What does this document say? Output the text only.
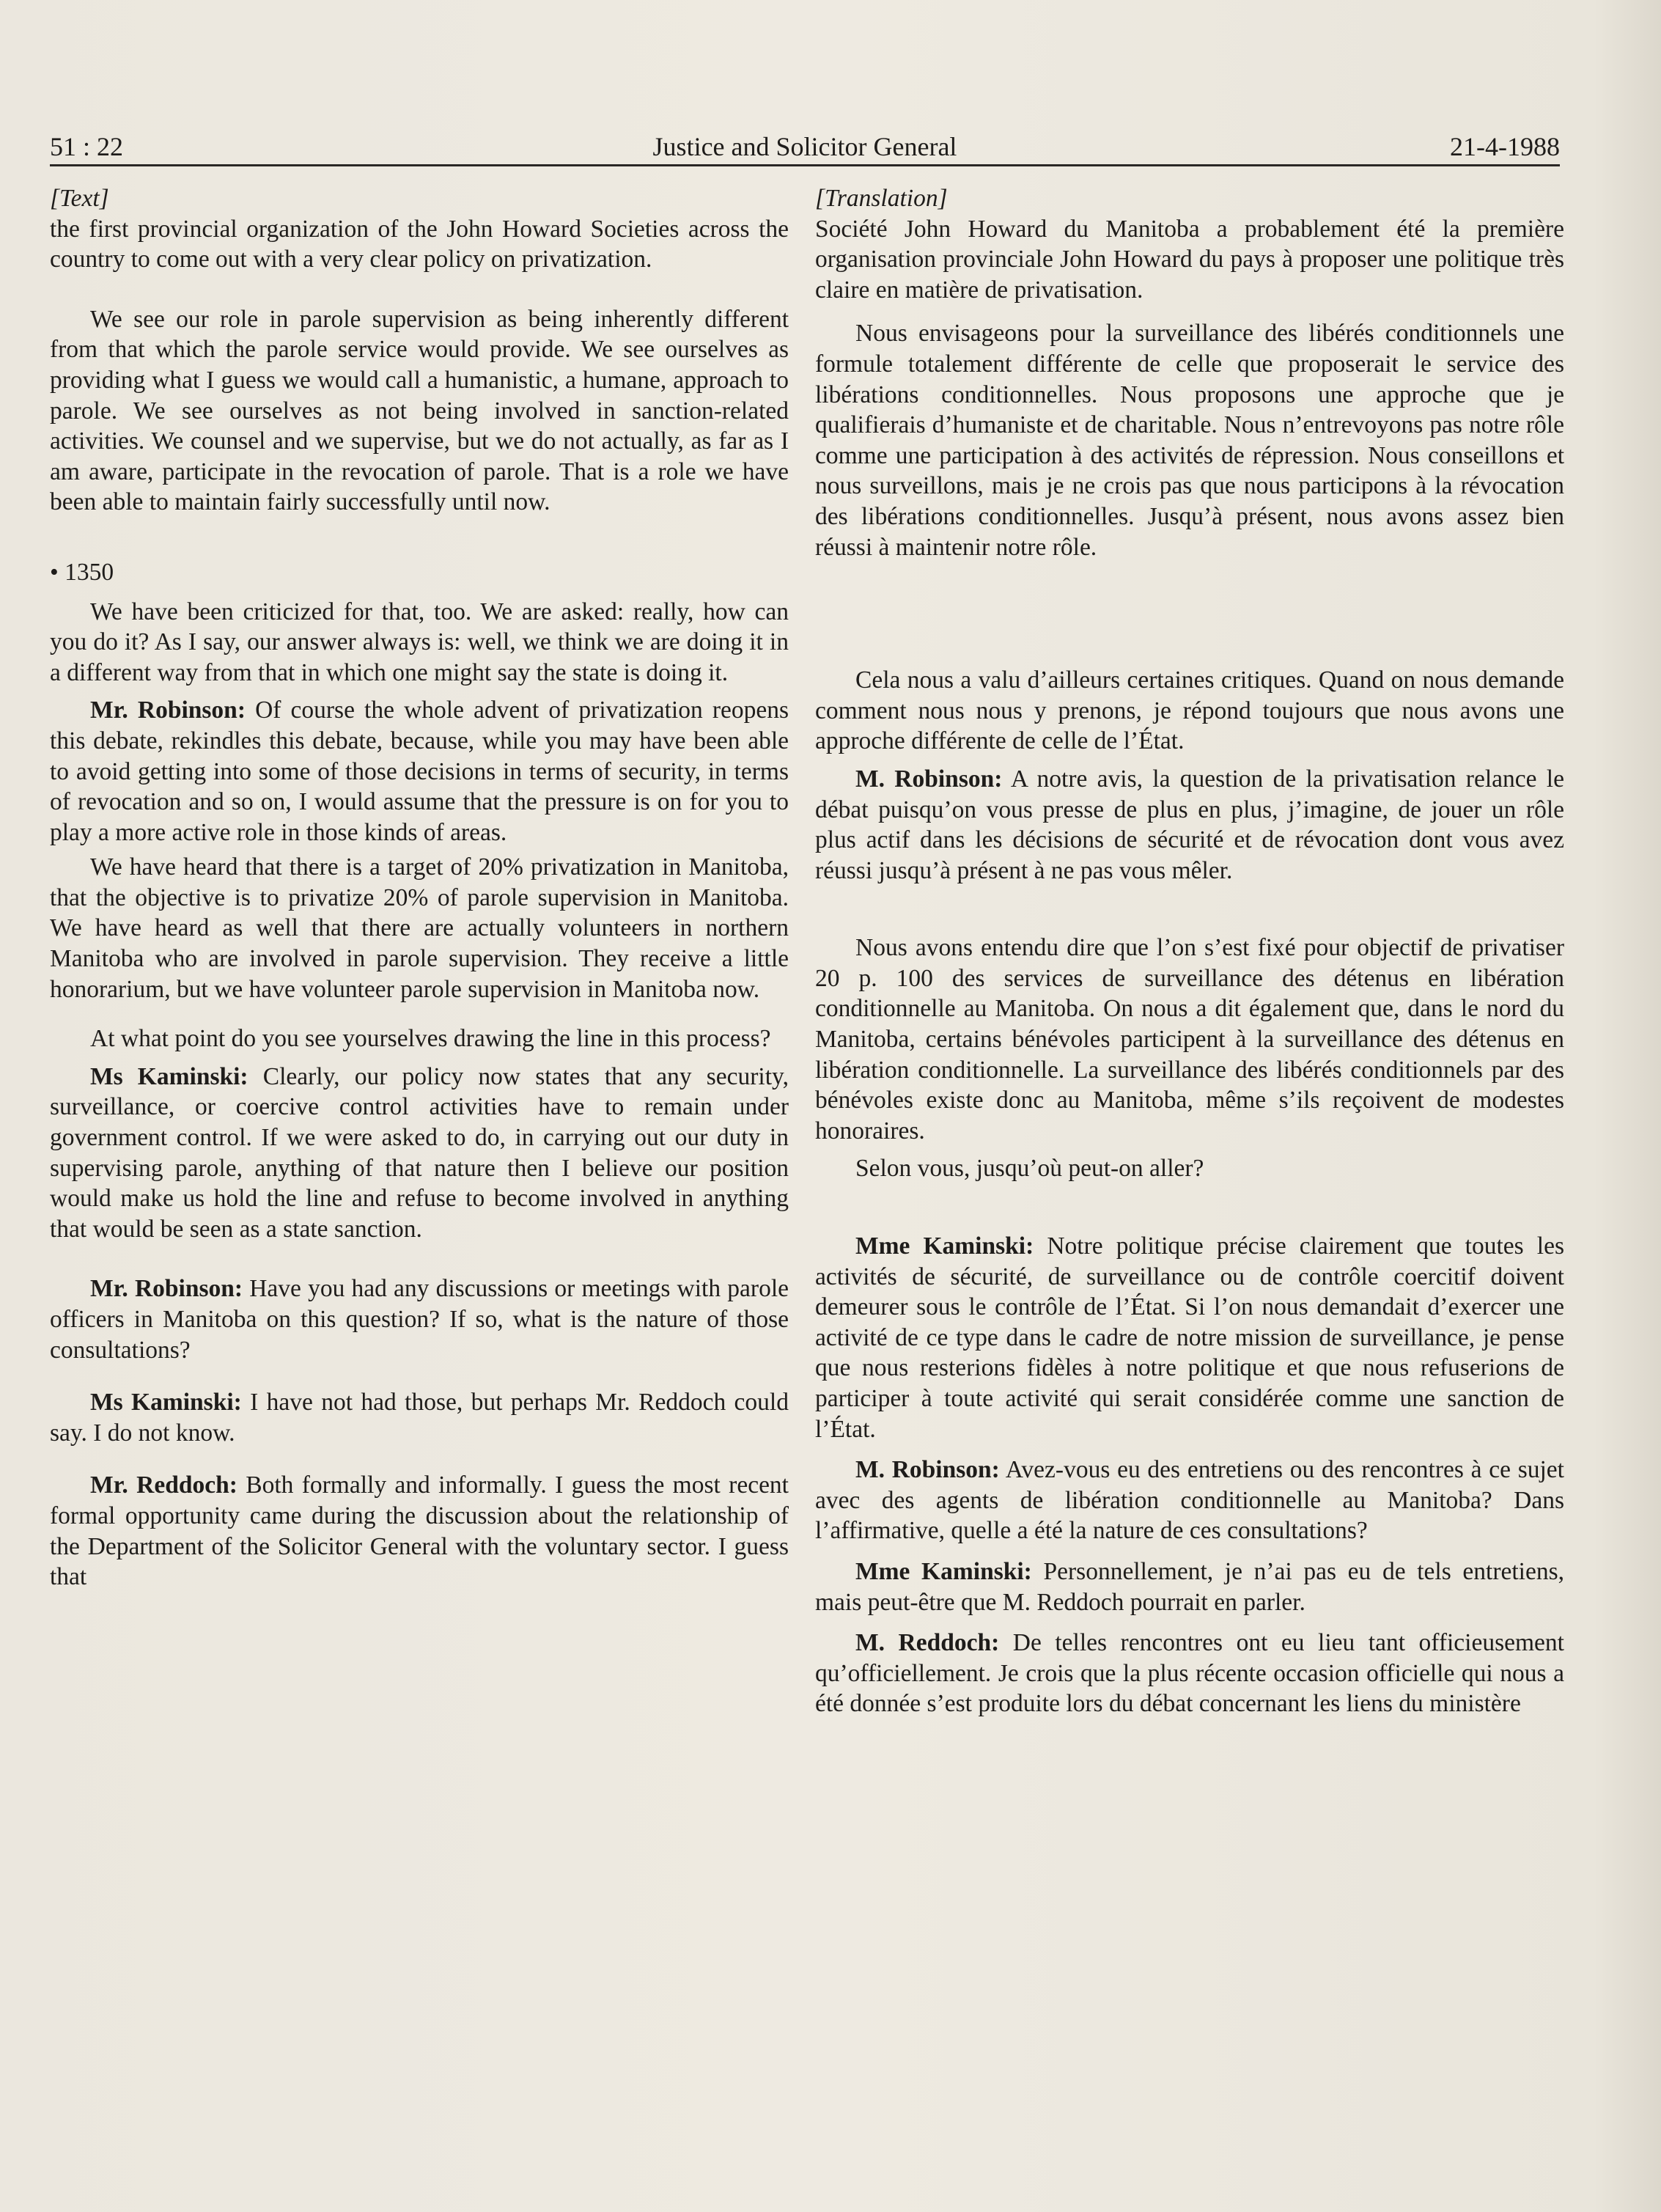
51 : 22	Justice and Solicitor General	21-4-1988

[Text]

the first provincial organization of the John Howard Societies across the country to come out with a very clear policy on privatization.

We see our role in parole supervision as being inherently different from that which the parole service would provide. We see ourselves as providing what I guess we would call a humanistic, a humane, approach to parole. We see ourselves as not being involved in sanction-related activities. We counsel and we supervise, but we do not actually, as far as I am aware, participate in the revocation of parole. That is a role we have been able to maintain fairly successfully until now.

• 1350

We have been criticized for that, too. We are asked: really, how can you do it? As I say, our answer always is: well, we think we are doing it in a different way from that in which one might say the state is doing it.

Mr. Robinson: Of course the whole advent of privatization reopens this debate, rekindles this debate, because, while you may have been able to avoid getting into some of those decisions in terms of security, in terms of revocation and so on, I would assume that the pressure is on for you to play a more active role in those kinds of areas.

We have heard that there is a target of 20% privatization in Manitoba, that the objective is to privatize 20% of parole supervision in Manitoba. We have heard as well that there are actually volunteers in northern Manitoba who are involved in parole supervision. They receive a little honorarium, but we have volunteer parole supervision in Manitoba now.

At what point do you see yourselves drawing the line in this process?

Ms Kaminski: Clearly, our policy now states that any security, surveillance, or coercive control activities have to remain under government control. If we were asked to do, in carrying out our duty in supervising parole, anything of that nature then I believe our position would make us hold the line and refuse to become involved in anything that would be seen as a state sanction.

Mr. Robinson: Have you had any discussions or meetings with parole officers in Manitoba on this question? If so, what is the nature of those consultations?

Ms Kaminski: I have not had those, but perhaps Mr. Reddoch could say. I do not know.

Mr. Reddoch: Both formally and informally. I guess the most recent formal opportunity came during the discussion about the relationship of the Department of the Solicitor General with the voluntary sector. I guess that

[Translation]

Société John Howard du Manitoba a probablement été la première organisation provinciale John Howard du pays à proposer une politique très claire en matière de privatisation.

Nous envisageons pour la surveillance des libérés conditionnels une formule totalement différente de celle que proposerait le service des libérations conditionnelles. Nous proposons une approche que je qualifierais d’humaniste et de charitable. Nous n’entrevoyons pas notre rôle comme une participation à des activités de répression. Nous conseillons et nous surveillons, mais je ne crois pas que nous participons à la révocation des libérations conditionnelles. Jusqu’à présent, nous avons assez bien réussi à maintenir notre rôle.

Cela nous a valu d’ailleurs certaines critiques. Quand on nous demande comment nous nous y prenons, je répond toujours que nous avons une approche différente de celle de l’État.

M. Robinson: A notre avis, la question de la privatisation relance le débat puisqu’on vous presse de plus en plus, j’imagine, de jouer un rôle plus actif dans les décisions de sécurité et de révocation dont vous avez réussi jusqu’à présent à ne pas vous mêler.

Nous avons entendu dire que l’on s’est fixé pour objectif de privatiser 20 p. 100 des services de surveillance des détenus en libération conditionnelle au Manitoba. On nous a dit également que, dans le nord du Manitoba, certains bénévoles participent à la surveillance des détenus en libération conditionnelle. La surveillance des libérés conditionnels par des bénévoles existe donc au Manitoba, même s’ils reçoivent de modestes honoraires.

Selon vous, jusqu’où peut-on aller?

Mme Kaminski: Notre politique précise clairement que toutes les activités de sécurité, de surveillance ou de contrôle coercitif doivent demeurer sous le contrôle de l’État. Si l’on nous demandait d’exercer une activité de ce type dans le cadre de notre mission de surveillance, je pense que nous resterions fidèles à notre politique et que nous refuserions de participer à toute activité qui serait considérée comme une sanction de l’État.

M. Robinson: Avez-vous eu des entretiens ou des rencontres à ce sujet avec des agents de libération conditionnelle au Manitoba? Dans l’affirmative, quelle a été la nature de ces consultations?

Mme Kaminski: Personnellement, je n’ai pas eu de tels entretiens, mais peut-être que M. Reddoch pourrait en parler.

M. Reddoch: De telles rencontres ont eu lieu tant officieusement qu’officiellement. Je crois que la plus récente occasion officielle qui nous a été donnée s’est produite lors du débat concernant les liens du ministère
